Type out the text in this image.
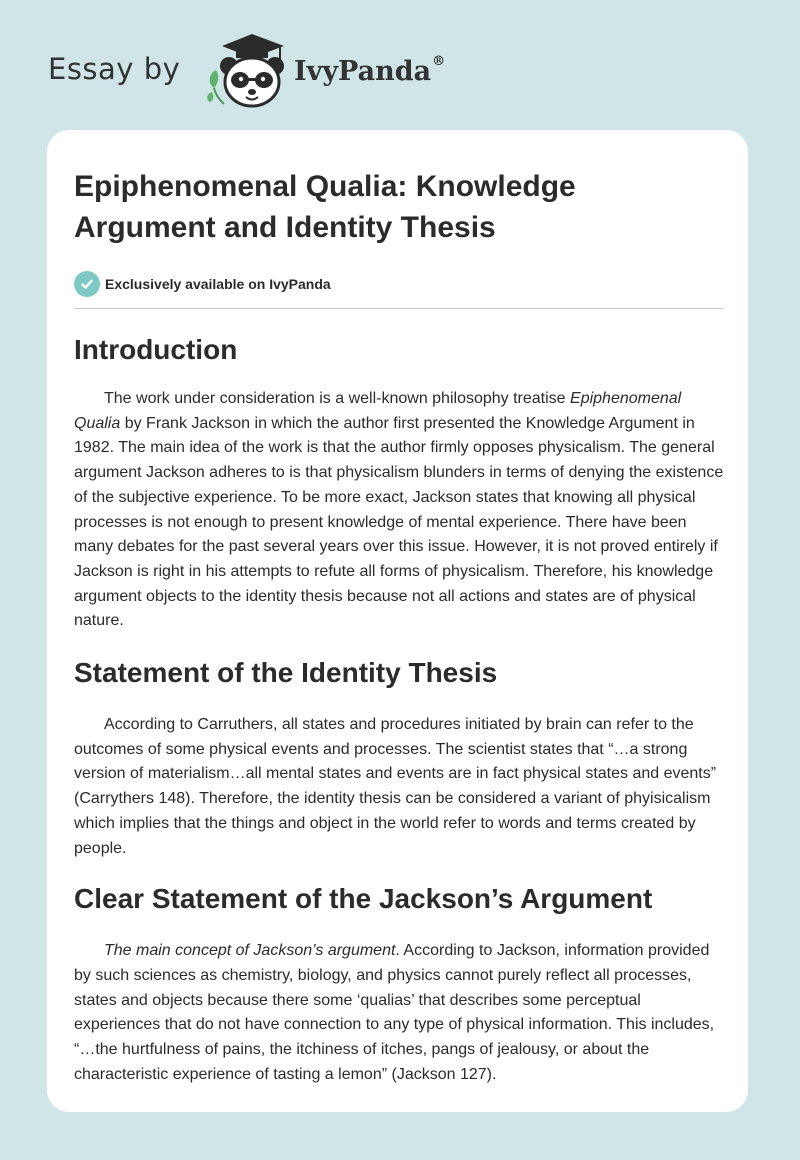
Essay by	IvyPanda®
Epiphenomenal Qualia: Knowledge Argument and Identity Thesis
Exclusively available on IvyPanda
Introduction

The work under consideration is a well-known philosophy treatise Epiphenomenal Qualia by Frank Jackson in which the author first presented the Knowledge Argument in 1982. The main idea of the work is that the author firmly opposes physicalism. The general argument Jackson adheres to is that physicalism blunders in terms of denying the existence of the subjective experience. To be more exact, Jackson states that knowing all physical processes is not enough to present knowledge of mental experience. There have been many debates for the past several years over this issue. However, it is not proved entirely if Jackson is right in his attempts to refute all forms of physicalism. Therefore, his knowledge argument objects to the identity thesis because not all actions and states are of physical nature.

Statement of the Identity Thesis

According to Carruthers, all states and procedures initiated by brain can refer to the outcomes of some physical events and processes. The scientist states that “…a strong version of materialism…all mental states and events are in fact physical states and events” (Carrythers 148). Therefore, the identity thesis can be considered a variant of phyisicalism which implies that the things and object in the world refer to words and terms created by people.

Clear Statement of the Jackson’s Argument

The main concept of Jackson’s argument. According to Jackson, information provided by such sciences as chemistry, biology, and physics cannot purely reflect all processes, states and objects because there some ‘qualias’ that describes some perceptual experiences that do not have connection to any type of physical information. This includes, “…the hurtfulness of pains, the itchiness of itches, pangs of jealousy, or about the characteristic experience of tasting a lemon” (Jackson 127).
